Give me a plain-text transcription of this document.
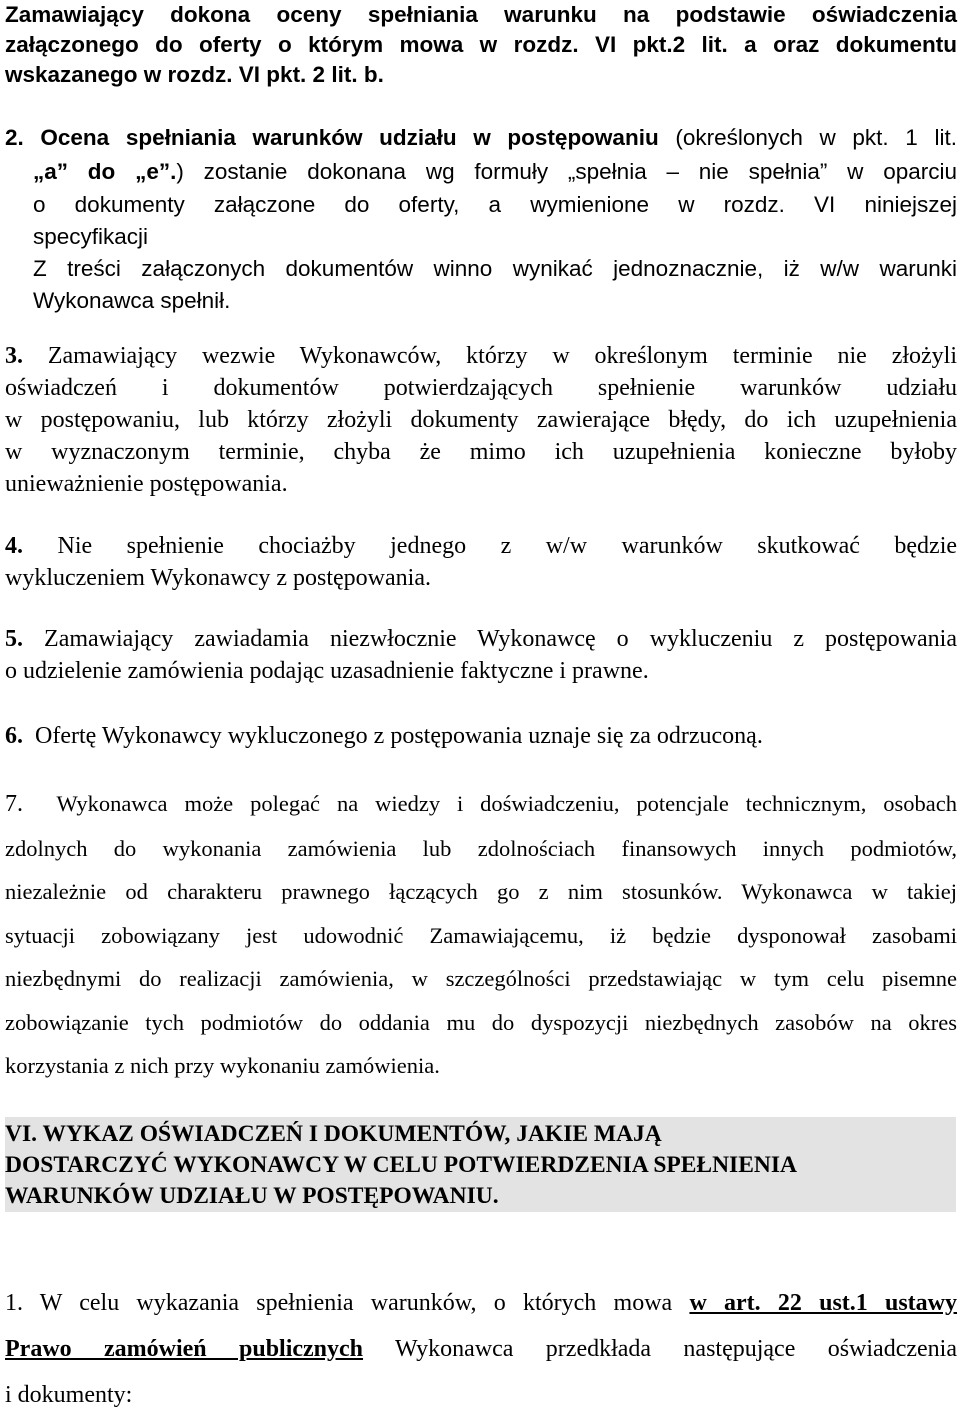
Zamawiający dokona oceny spełniania warunku na podstawie oświadczenia
załączonego do oferty o którym mowa w rozdz. VI pkt.2 lit. a oraz dokumentu
wskazanego w rozdz. VI pkt. 2 lit. b.
2. Ocena spełniania warunków udziału w postępowaniu (określonych w pkt. 1 lit.
„a” do „e”.) zostanie dokonana wg formuły „spełnia – nie spełnia” w oparciu
o dokumenty załączone do oferty, a wymienione w rozdz. VI niniejszej
specyfikacji
Z treści załączonych dokumentów winno wynikać jednoznacznie, iż w/w warunki
Wykonawca spełnił.
3. Zamawiający wezwie Wykonawców, którzy w określonym terminie nie złożyli
oświadczeń i dokumentów potwierdzających spełnienie warunków udziału
w postępowaniu, lub którzy złożyli dokumenty zawierające błędy, do ich uzupełnienia
w wyznaczonym terminie, chyba że mimo ich uzupełnienia konieczne byłoby
unieważnienie postępowania.
4. Nie spełnienie chociażby jednego z w/w warunków skutkować będzie
wykluczeniem Wykonawcy z postępowania.
5. Zamawiający zawiadamia niezwłocznie Wykonawcę o wykluczeniu z postępowania
o udzielenie zamówienia podając uzasadnienie faktyczne i prawne.
6. Ofertę Wykonawcy wykluczonego z postępowania uznaje się za odrzuconą.
7. Wykonawca może polegać na wiedzy i doświadczeniu, potencjale technicznym, osobach
zdolnych do wykonania zamówienia lub zdolnościach finansowych innych podmiotów,
niezależnie od charakteru prawnego łączących go z nim stosunków. Wykonawca w takiej
sytuacji zobowiązany jest udowodnić Zamawiającemu, iż będzie dysponował zasobami
niezbędnymi do realizacji zamówienia, w szczególności przedstawiając w tym celu pisemne
zobowiązanie tych podmiotów do oddania mu do dyspozycji niezbędnych zasobów na okres
korzystania z nich przy wykonaniu zamówienia.
VI. WYKAZ OŚWIADCZEŃ I DOKUMENTÓW, JAKIE MAJĄ
DOSTARCZYĆ WYKONAWCY W CELU POTWIERDZENIA SPEŁNIENIA
WARUNKÓW UDZIAŁU W POSTĘPOWANIU.
1. W celu wykazania spełnienia warunków, o których mowa w art. 22 ust.1 ustawy
Prawo zamówień publicznych Wykonawca przedkłada następujące oświadczenia
i dokumenty:
